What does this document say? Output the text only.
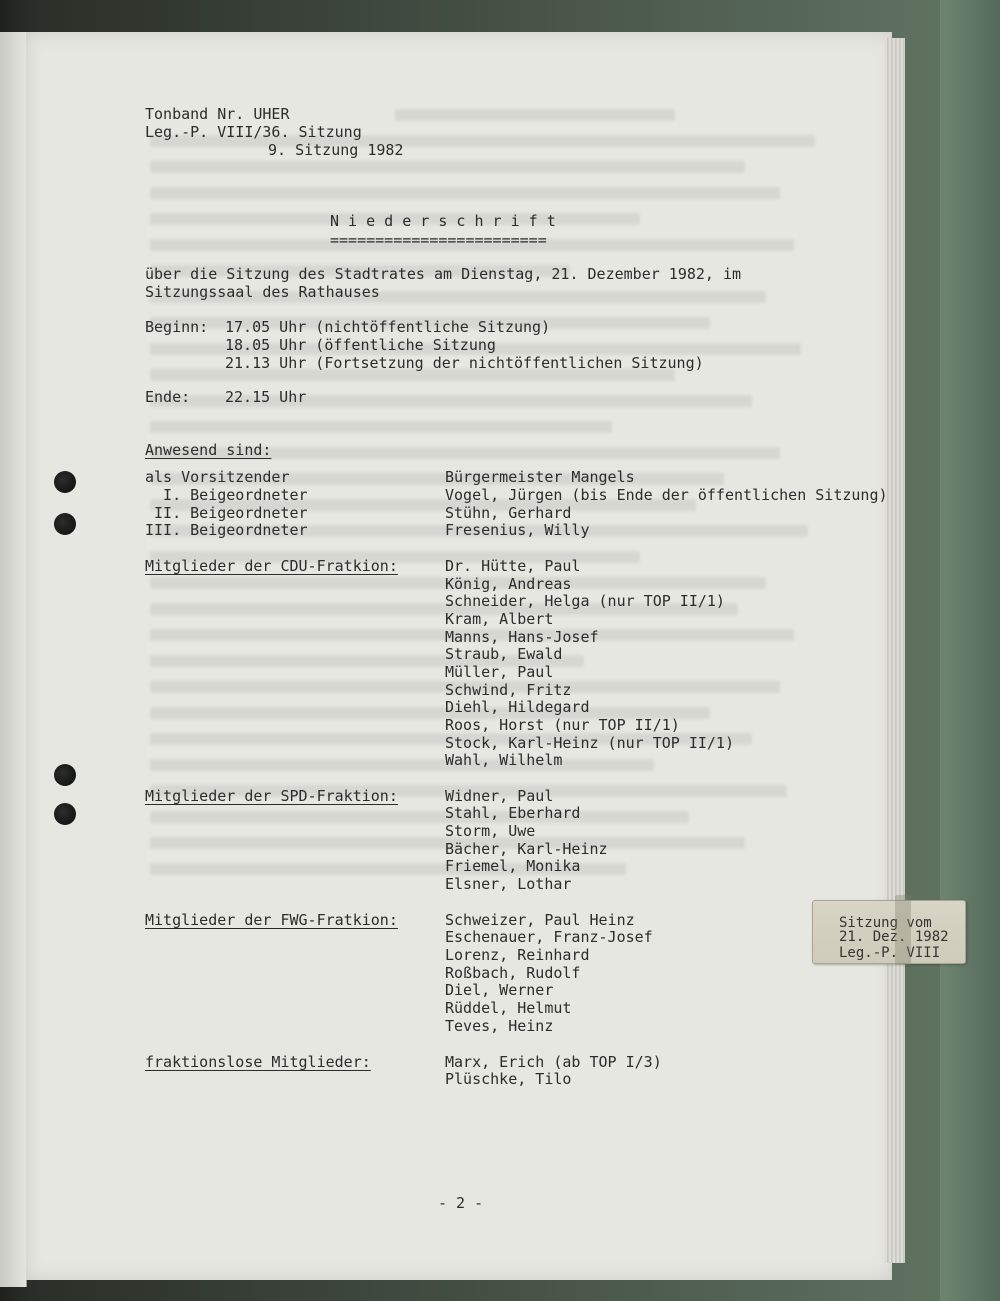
Tonband Nr. UHER
Leg.-P. VIII/36. Sitzung
9. Sitzung 1982
N i e d e r s c h r i f t
========================
über die Sitzung des Stadtrates am Dienstag, 21. Dezember 1982, im
Sitzungssaal des Rathauses
Beginn: 17.05 Uhr (nichtöffentliche Sitzung)
18.05 Uhr (öffentliche Sitzung
21.13 Uhr (Fortsetzung der nichtöffentlichen Sitzung)
Ende: 22.15 Uhr
Anwesend sind:
als Vorsitzender	Bürgermeister Mangels
I. Beigeordneter	Vogel, Jürgen (bis Ende der öffentlichen Sitzung)
II. Beigeordneter	Stühn, Gerhard
III. Beigeordneter	Fresenius, Willy
Mitglieder der CDU-Fratkion:	Dr. Hütte, Paul
König, Andreas
Schneider, Helga (nur TOP II/1)
Kram, Albert
Manns, Hans-Josef
Straub, Ewald
Müller, Paul
Schwind, Fritz
Diehl, Hildegard
Roos, Horst (nur TOP II/1)
Stock, Karl-Heinz (nur TOP II/1)
Wahl, Wilhelm
Mitglieder der SPD-Fraktion:	Widner, Paul
Stahl, Eberhard
Storm, Uwe
Bächer, Karl-Heinz
Friemel, Monika
Elsner, Lothar
Mitglieder der FWG-Fratkion:	Schweizer, Paul Heinz
Eschenauer, Franz-Josef
Lorenz, Reinhard
Roßbach, Rudolf
Diel, Werner
Rüddel, Helmut
Teves, Heinz
fraktionslose Mitglieder:	Marx, Erich (ab TOP I/3)
Plüschke, Tilo
- 2 -
Sitzung vom
21. Dez. 1982
Leg.-P. VIII
